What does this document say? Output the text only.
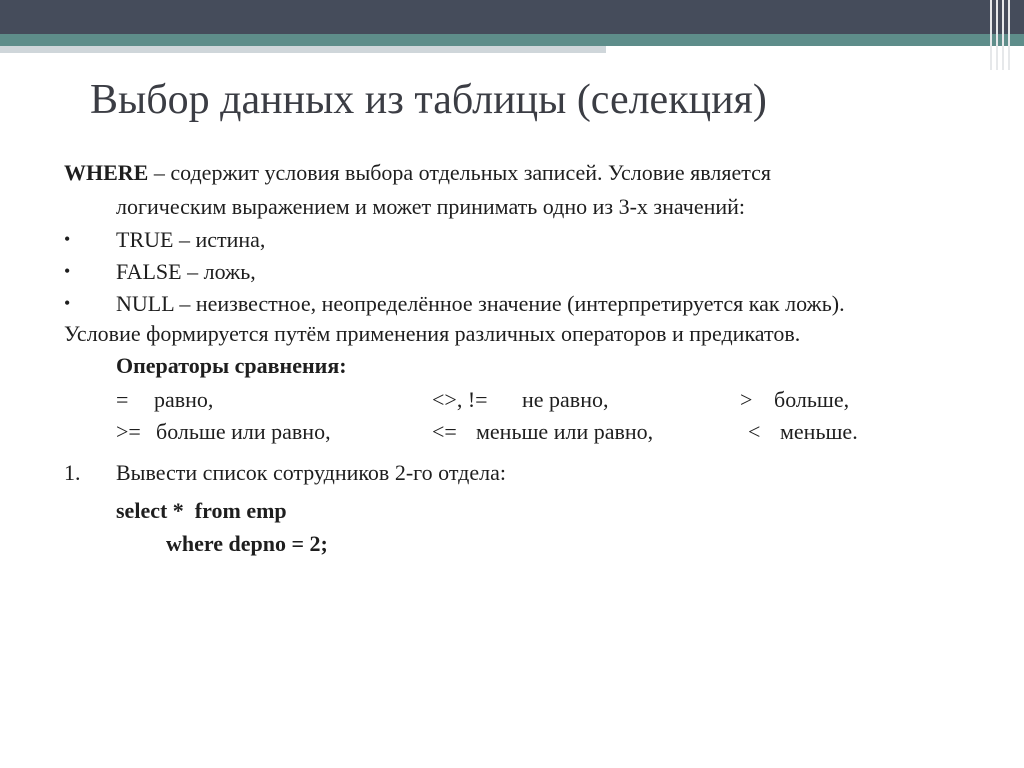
Выбор данных из таблицы (селекция)
WHERE – содержит условия выбора отдельных записей. Условие является
логическим выражением и может принимать одно из 3-х значений:
• TRUE – истина,
• FALSE – ложь,
• NULL – неизвестное, неопределённое значение (интерпретируется как ложь).
Условие формируется путём применения различных операторов и предикатов.
Операторы сравнения:
= равно,	<>, != не равно,	> больше,
>= больше или равно,	<= меньше или равно,	< меньше.
1. Вывести список сотрудников 2-го отдела:
select *  from emp
where depno = 2;
